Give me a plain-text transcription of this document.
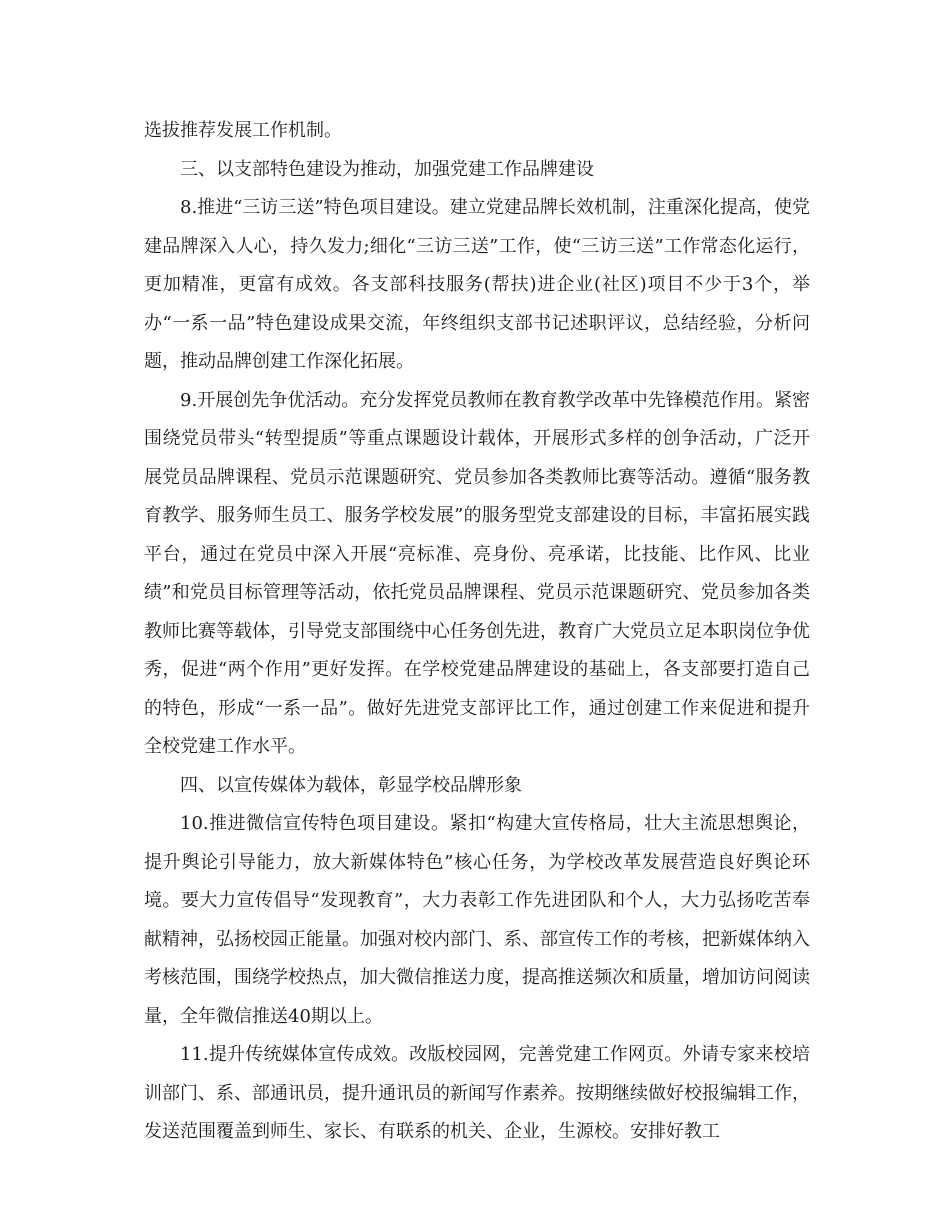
选拔推荐发展工作机制。

三、以支部特色建设为推动，加强党建工作品牌建设

8.推进“三访三送”特色项目建设。建立党建品牌长效机制，注重深化提高，使党建品牌深入人心，持久发力;细化“三访三送”工作，使“三访三送”工作常态化运行，更加精准，更富有成效。各支部科技服务(帮扶)进企业(社区)项目不少于3个，举办“一系一品”特色建设成果交流，年终组织支部书记述职评议，总结经验，分析问题，推动品牌创建工作深化拓展。

9.开展创先争优活动。充分发挥党员教师在教育教学改革中先锋模范作用。紧密围绕党员带头“转型提质”等重点课题设计载体，开展形式多样的创争活动，广泛开展党员品牌课程、党员示范课题研究、党员参加各类教师比赛等活动。遵循“服务教育教学、服务师生员工、服务学校发展”的服务型党支部建设的目标，丰富拓展实践平台，通过在党员中深入开展“亮标准、亮身份、亮承诺，比技能、比作风、比业绩”和党员目标管理等活动，依托党员品牌课程、党员示范课题研究、党员参加各类教师比赛等载体，引导党支部围绕中心任务创先进，教育广大党员立足本职岗位争优秀，促进“两个作用”更好发挥。在学校党建品牌建设的基础上，各支部要打造自己的特色，形成“一系一品”。做好先进党支部评比工作，通过创建工作来促进和提升全校党建工作水平。

四、以宣传媒体为载体，彰显学校品牌形象

10.推进微信宣传特色项目建设。紧扣“构建大宣传格局，壮大主流思想舆论，提升舆论引导能力，放大新媒体特色”核心任务，为学校改革发展营造良好舆论环境。要大力宣传倡导“发现教育”，大力表彰工作先进团队和个人，大力弘扬吃苦奉献精神，弘扬校园正能量。加强对校内部门、系、部宣传工作的考核，把新媒体纳入考核范围，围绕学校热点，加大微信推送力度，提高推送频次和质量，增加访问阅读量，全年微信推送40期以上。

11.提升传统媒体宣传成效。改版校园网，完善党建工作网页。外请专家来校培训部门、系、部通讯员，提升通讯员的新闻写作素养。按期继续做好校报编辑工作，发送范围覆盖到师生、家长、有联系的机关、企业，生源校。安排好教工
